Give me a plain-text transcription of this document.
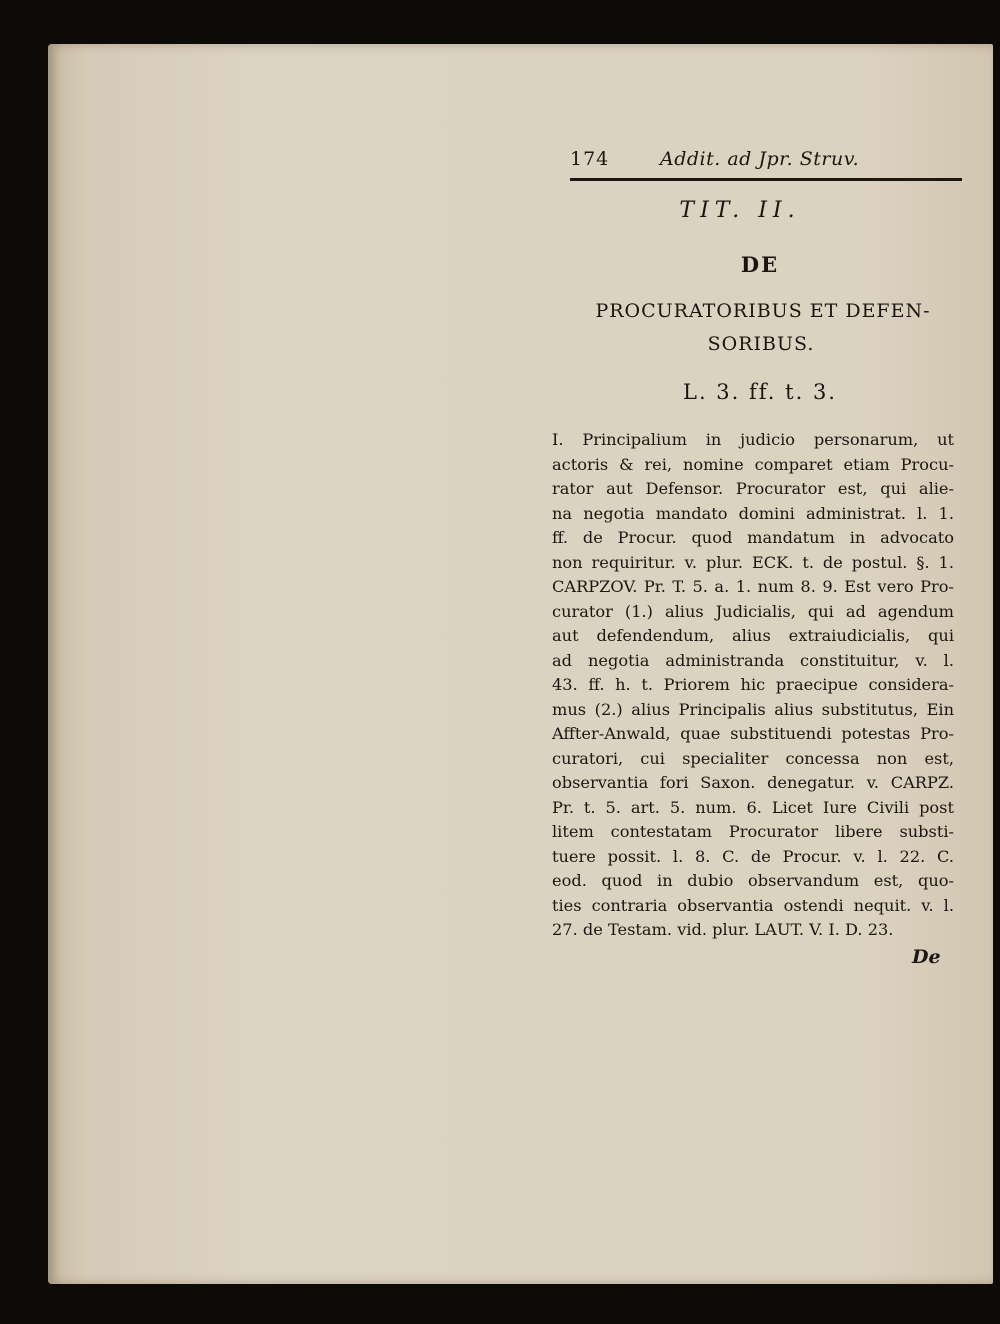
174	Addit. ad Jpr. Struv.
TIT. II.
DE
PROCURATORIBUS ET DEFEN-
SORIBUS.
L. 3. ff. t. 3.
I. Principalium in judicio personarum, ut
actoris & rei, nomine comparet etiam Procu-
rator aut Defensor. Procurator est, qui alie-
na negotia mandato domini administrat. l. 1.
ff. de Procur. quod mandatum in advocato
non requiritur. v. plur. ECK. t. de postul. §. 1.
CARPZOV. Pr. T. 5. a. 1. num 8. 9. Est vero Pro-
curator (1.) alius Judicialis, qui ad agendum
aut defendendum, alius extraiudicialis, qui
ad negotia administranda constituitur, v. l.
43. ff. h. t. Priorem hic praecipue considera-
mus (2.) alius Principalis alius substitutus, Ein
Affter-Anwald, quae substituendi potestas Pro-
curatori, cui specialiter concessa non est,
observantia fori Saxon. denegatur. v. CARPZ.
Pr. t. 5. art. 5. num. 6. Licet Iure Civili post
litem contestatam Procurator libere substi-
tuere possit. l. 8. C. de Procur. v. l. 22. C.
eod. quod in dubio observandum est, quo-
ties contraria observantia ostendi nequit. v. l.
27. de Testam. vid. plur. LAUT. V. I. D. 23.
De
